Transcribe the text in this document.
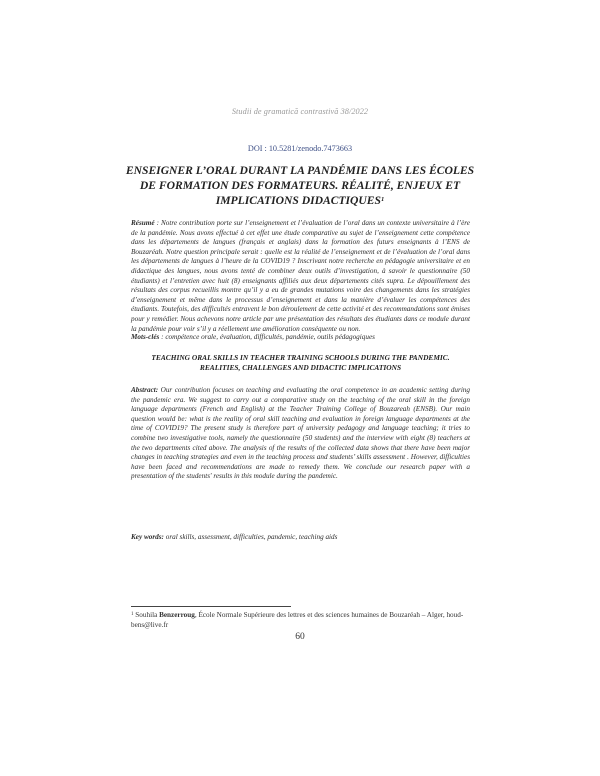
Studii de gramatică contrastivă 38/2022
DOI : 10.5281/zenodo.7473663
ENSEIGNER L’ORAL DURANT LA PANDÉMIE DANS LES ÉCOLES DE FORMATION DES FORMATEURS. RÉALITÉ, ENJEUX ET IMPLICATIONS DIDACTIQUES$^1$
Résumé : Notre contribution porte sur l’enseignement et l’évaluation de l’oral dans un contexte universitaire à l’ère de la pandémie. Nous avons effectué à cet effet une étude comparative au sujet de l’enseignement cette compétence dans les départements de langues (français et anglais) dans la formation des futurs enseignants à l’ENS de Bouzaréah. Notre question principale serait : quelle est la réalité de l’enseignement et de l’évaluation de l’oral dans les départements de langues à l’heure de la COVID19 ? Inscrivant notre recherche en pédagogie universitaire et en didactique des langues, nous avons tenté de combiner deux outils d’investigation, à savoir le questionnaire (50 étudiants) et l’entretien avec huit (8) enseignants affiliés aux deux départements cités supra. Le dépouillement des résultats des corpus recueillis montre qu’il y a eu de grandes mutations voire des changements dans les stratégies d’enseignement et même dans le processus d’enseignement et dans la manière d’évaluer les compétences des étudiants. Toutefois, des difficultés entravent le bon déroulement de cette activité et des recommandations sont émises pour y remédier. Nous achevons notre article par une présentation des résultats des étudiants dans ce module durant la pandémie pour voir s’il y a réellement une amélioration conséquente ou non.
Mots-clés : compétence orale, évaluation, difficultés, pandémie, outils pédagogiques
TEACHING ORAL SKILLS IN TEACHER TRAINING SCHOOLS DURING THE PANDEMIC. REALITIES, CHALLENGES AND DIDACTIC IMPLICATIONS
Abstract: Our contribution focuses on teaching and evaluating the oral competence in an academic setting during the pandemic era. We suggest to carry out a comparative study on the teaching of the oral skill in the foreign language departments (French and English) at the Teacher Training College of Bouzareah (ENSB). Our main question would be: what is the reality of oral skill teaching and evaluation in foreign language departments at the time of COVID19? The present study is therefore part of university pedagogy and language teaching; it tries to combine two investigative tools, namely the questionnaire (50 students) and the interview with eight (8) teachers at the two departments cited above. The analysis of the results of the collected data shows that there have been major changes in teaching strategies and even in the teaching process and students’ skills assessment . However, difficulties have been faced and recommendations are made to remedy them. We conclude our research paper with a presentation of the students' results in this module during the pandemic.
Key words: oral skills, assessment, difficulties, pandemic, teaching aids
$^1$ Souhila Benzerroug, École Normale Supérieure des lettres et des sciences humaines de Bouzaréah – Alger, houd-bens@live.fr
60
